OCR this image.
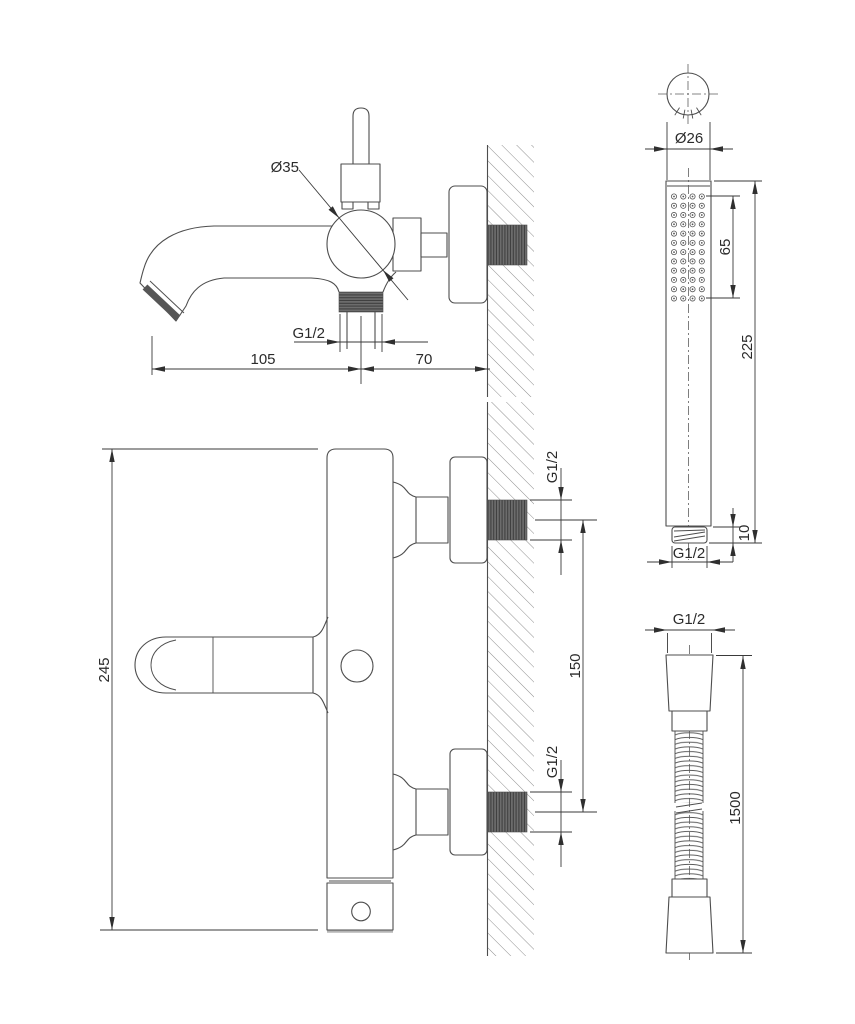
Ø35
G1/2
105	70
245
G1/2
G1/2
150
Ø26
65
225
10
G1/2
G1/2
1500
